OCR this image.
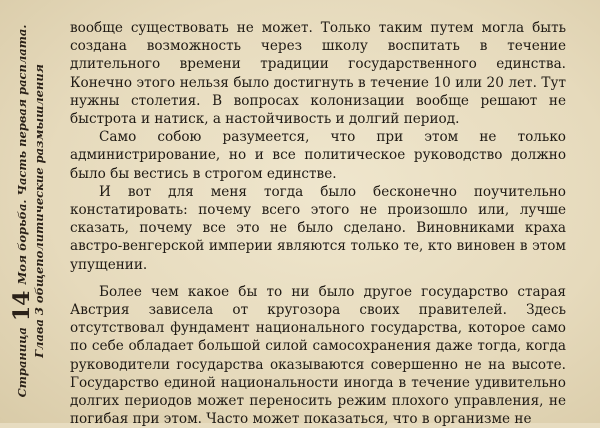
Страница 14 Моя борьба. Часть первая расплата. Глава 3 общеполитические размышления

вообще существовать не может. Только таким путем могла быть создана возможность через школу воспитать в течение длительного времени традиции государственного единства. Конечно этого нельзя было достигнуть в течение 10 или 20 лет. Тут нужны столетия. В вопросах колонизации вообще решают не быстрота и натиск, а настойчивость и долгий период.

Само собою разумеется, что при этом не только администрирование, но и все политическое руководство должно было бы вестись в строгом единстве.

И вот для меня тогда было бесконечно поучительно констатировать: почему всего этого не произошло или, лучше сказать, почему все это не было сделано. Виновниками краха австро-венгерской империи являются только те, кто виновен в этом упущении.

Более чем какое бы то ни было другое государство старая Австрия зависела от кругозора своих правителей. Здесь отсутствовал фундамент национального государства, которое само по себе обладает большой силой самосохранения даже тогда, когда руководители государства оказываются совершенно не на высоте. Государство единой национальности иногда в течение удивительно долгих периодов может переносить режим плохого управления, не погибая при этом. Часто может показаться, что в организме не
